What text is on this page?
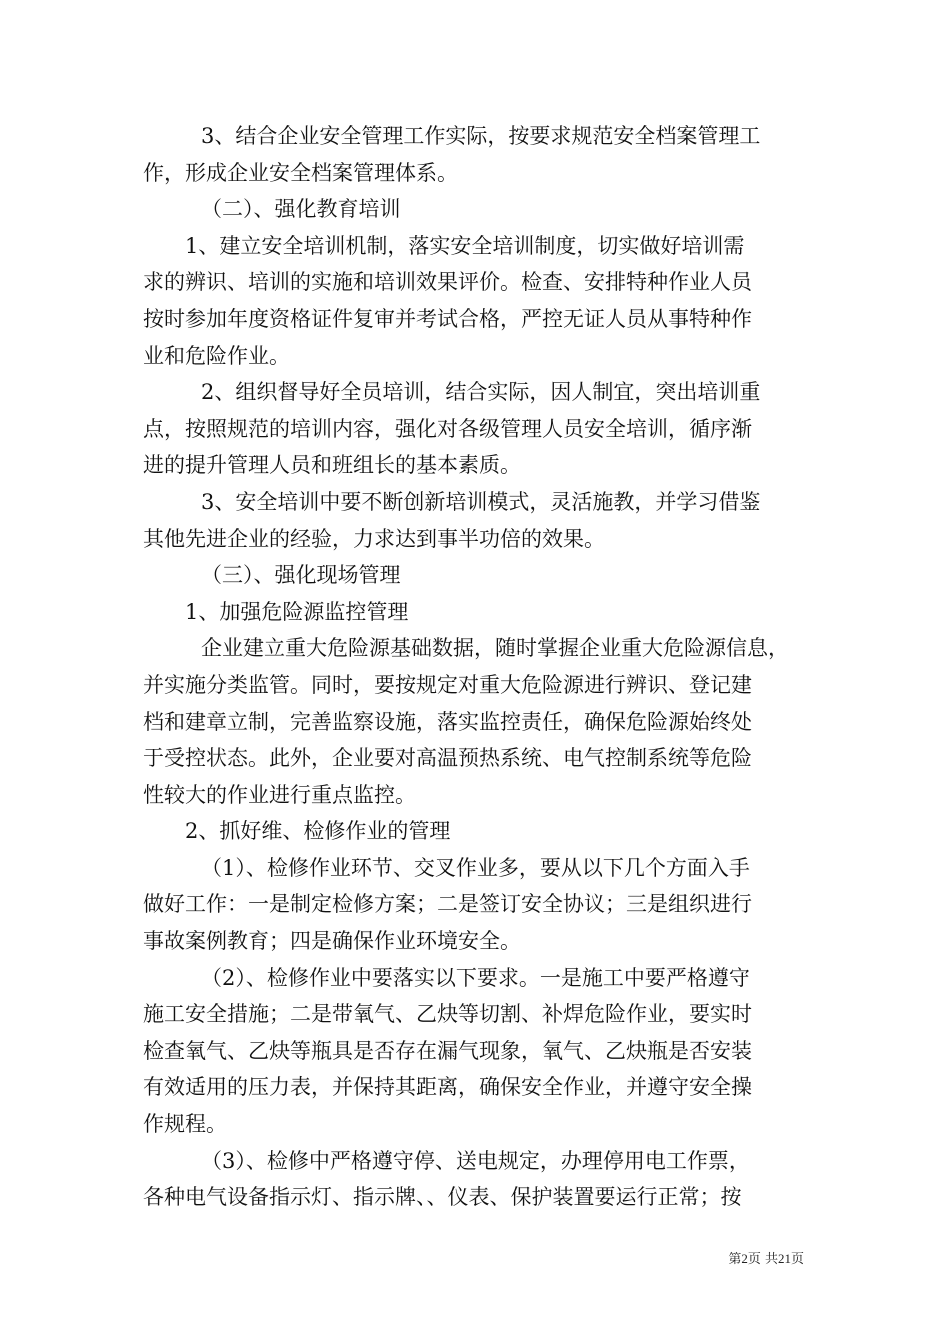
3、结合企业安全管理工作实际，按要求规范安全档案管理工
作，形成企业安全档案管理体系。
（二）、强化教育培训
1、建立安全培训机制，落实安全培训制度，切实做好培训需
求的辨识、培训的实施和培训效果评价。检查、安排特种作业人员
按时参加年度资格证件复审并考试合格，严控无证人员从事特种作
业和危险作业。
2、组织督导好全员培训，结合实际，因人制宜，突出培训重
点，按照规范的培训内容，强化对各级管理人员安全培训，循序渐
进的提升管理人员和班组长的基本素质。
3、安全培训中要不断创新培训模式，灵活施教，并学习借鉴
其他先进企业的经验，力求达到事半功倍的效果。
（三）、强化现场管理
1、加强危险源监控管理
企业建立重大危险源基础数据，随时掌握企业重大危险源信息，
并实施分类监管。同时，要按规定对重大危险源进行辨识、登记建
档和建章立制，完善监察设施，落实监控责任，确保危险源始终处
于受控状态。此外，企业要对高温预热系统、电气控制系统等危险
性较大的作业进行重点监控。
2、抓好维、检修作业的管理
（1）、检修作业环节、交叉作业多，要从以下几个方面入手
做好工作：一是制定检修方案；二是签订安全协议；三是组织进行
事故案例教育；四是确保作业环境安全。
（2）、检修作业中要落实以下要求。一是施工中要严格遵守
施工安全措施；二是带氧气、乙炔等切割、补焊危险作业，要实时
检查氧气、乙炔等瓶具是否存在漏气现象，氧气、乙炔瓶是否安装
有效适用的压力表，并保持其距离，确保安全作业，并遵守安全操
作规程。
（3）、检修中严格遵守停、送电规定，办理停用电工作票，
各种电气设备指示灯、指示牌、、仪表、保护装置要运行正常；按
第2页 共21页
